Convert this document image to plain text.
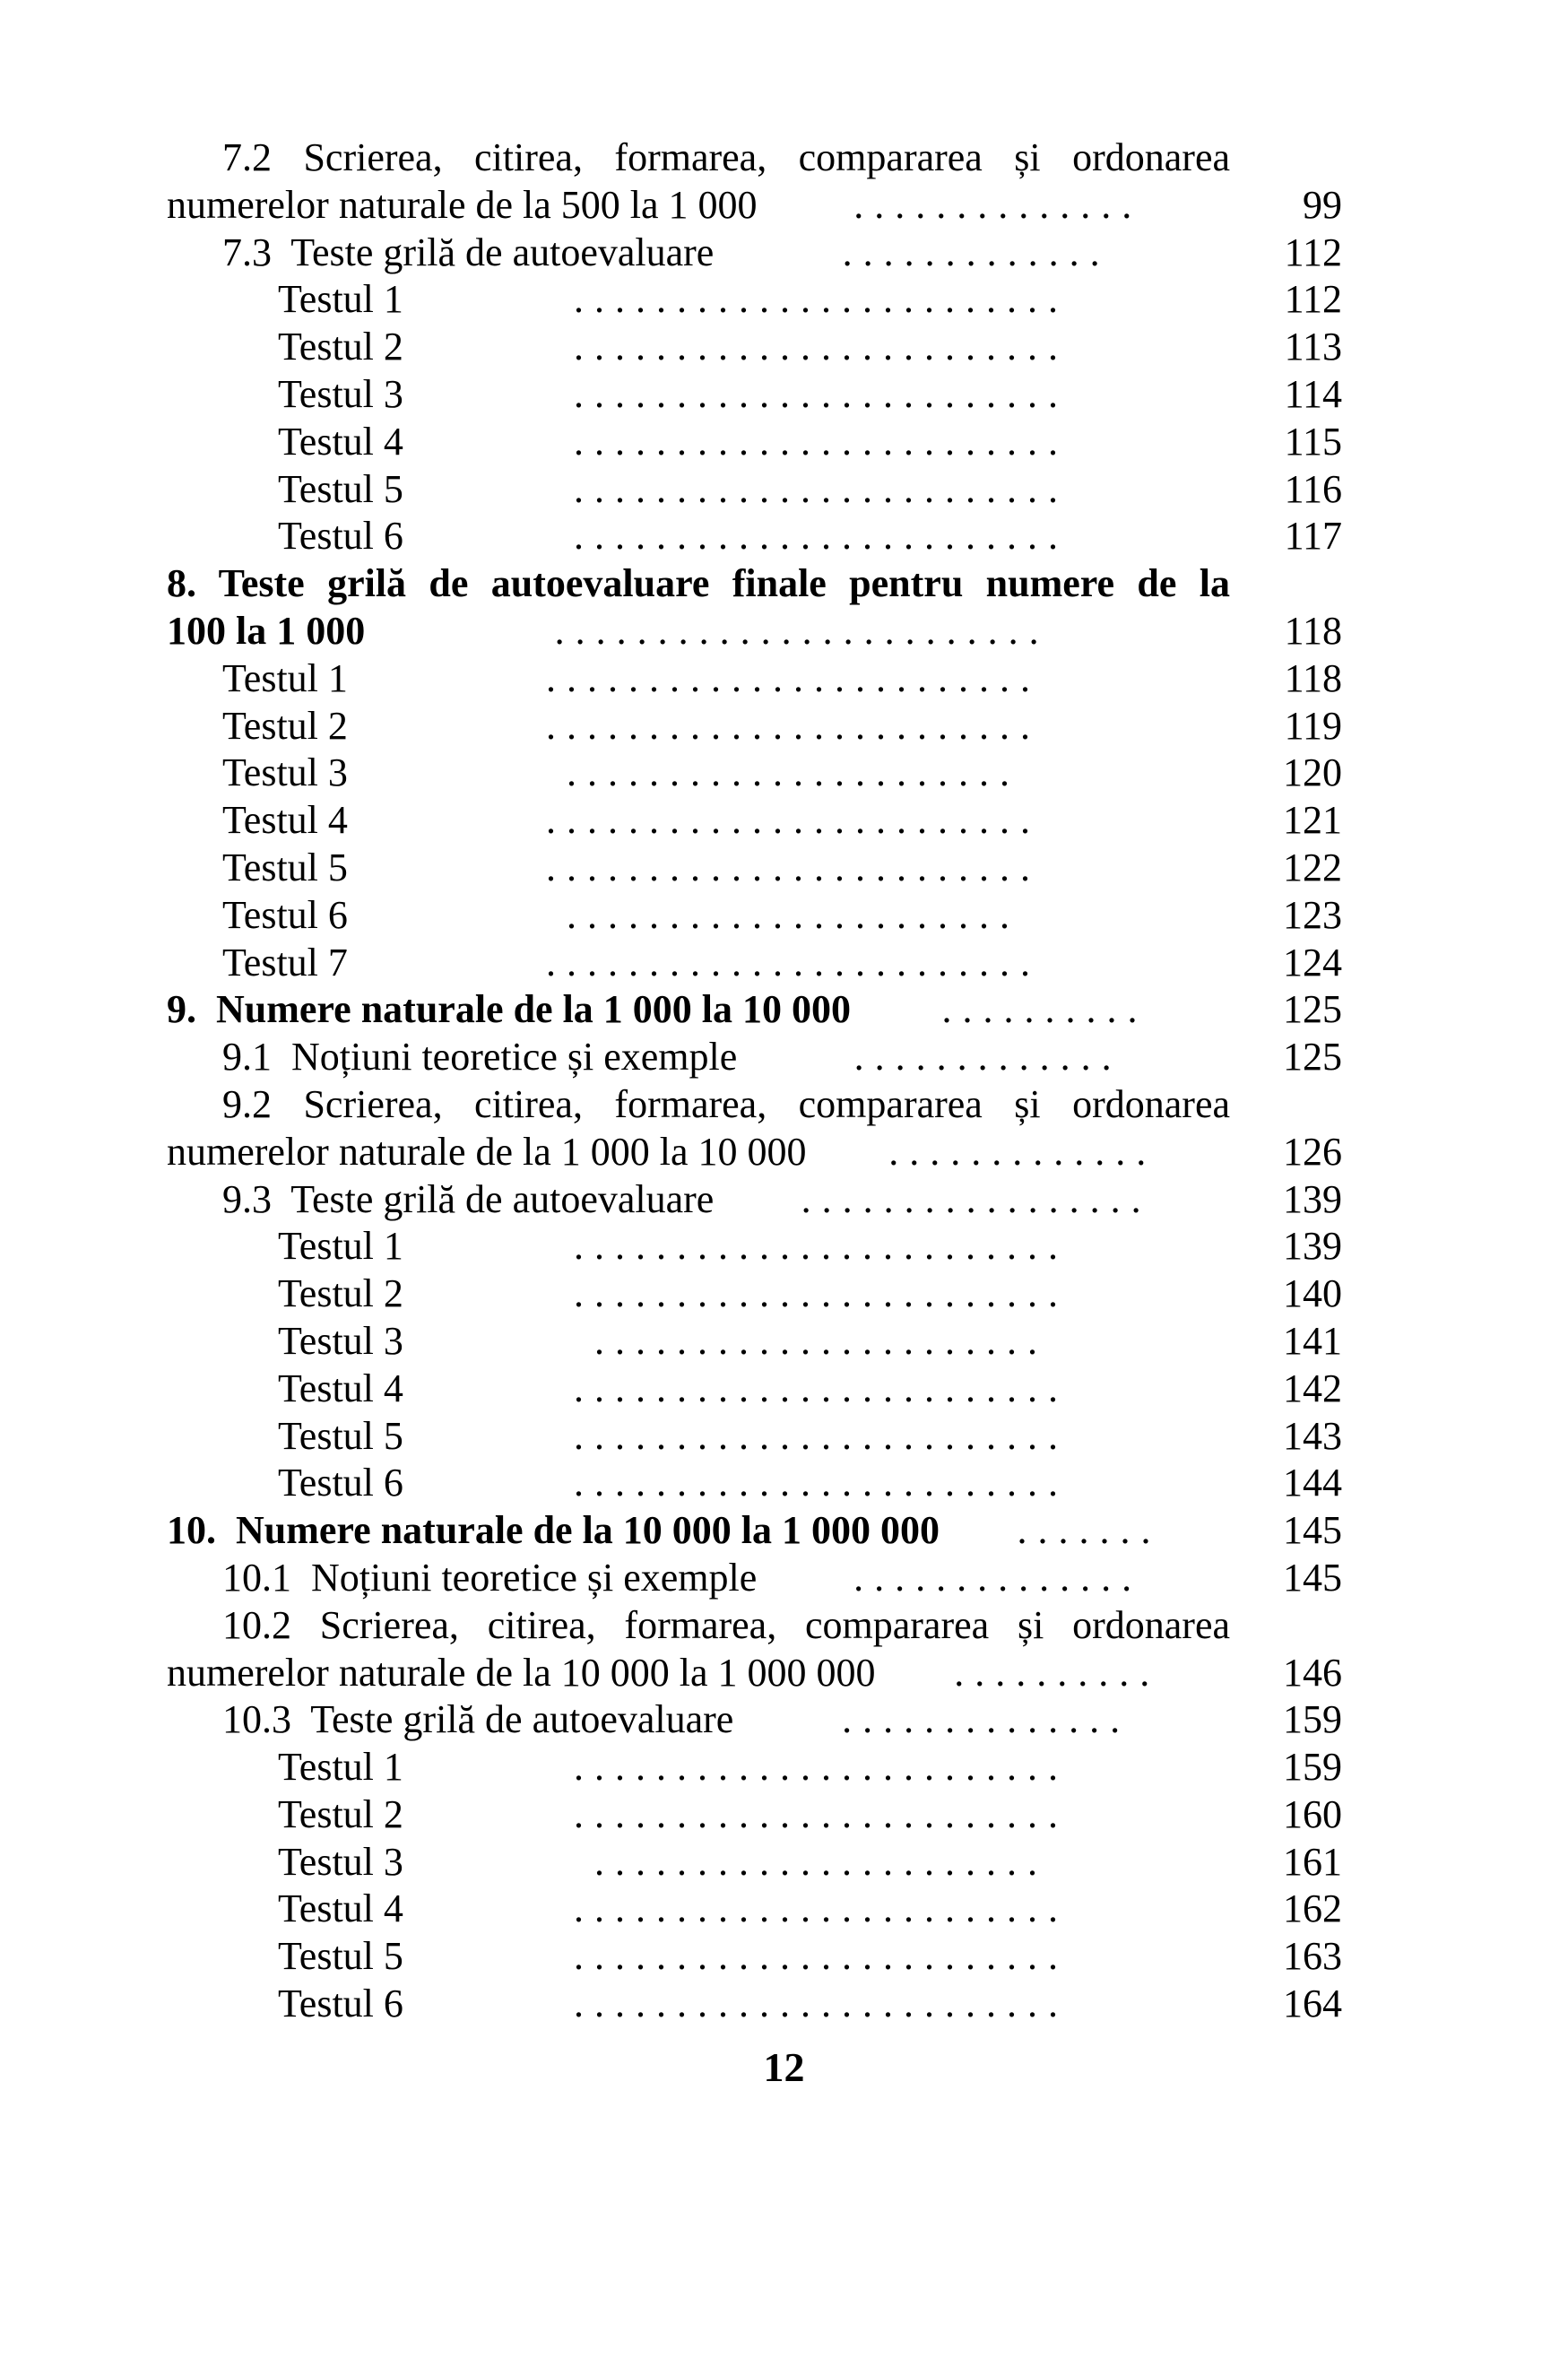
7.2 Scrierea, citirea, formarea, compararea și ordonarea
numerelor naturale de la 500 la 1 000	..............	99
7.3  Teste grilă de autoevaluare	.............	112
Testul 1	........................	112
Testul 2	........................	113
Testul 3	........................	114
Testul 4	........................	115
Testul 5	........................	116
Testul 6	........................	117
8. Teste grilă de autoevaluare finale pentru numere de la
100 la 1 000	........................	118
Testul 1	........................	118
Testul 2	........................	119
Testul 3	......................	120
Testul 4	........................	121
Testul 5	........................	122
Testul 6	......................	123
Testul 7	........................	124
9.  Numere naturale de la 1 000 la 10 000	..........	125
9.1  Noțiuni teoretice și exemple	.............	125
9.2 Scrierea, citirea, formarea, compararea și ordonarea
numerelor naturale de la 1 000 la 10 000	.............	126
9.3  Teste grilă de autoevaluare	.................	139
Testul 1	........................	139
Testul 2	........................	140
Testul 3	......................	141
Testul 4	........................	142
Testul 5	........................	143
Testul 6	........................	144
10.  Numere naturale de la 10 000 la 1 000 000	.......	145
10.1  Noțiuni teoretice și exemple	..............	145
10.2 Scrierea, citirea, formarea, compararea și ordonarea
numerelor naturale de la 10 000 la 1 000 000	..........	146
10.3  Teste grilă de autoevaluare	..............	159
Testul 1	........................	159
Testul 2	........................	160
Testul 3	......................	161
Testul 4	........................	162
Testul 5	........................	163
Testul 6	........................	164
12
